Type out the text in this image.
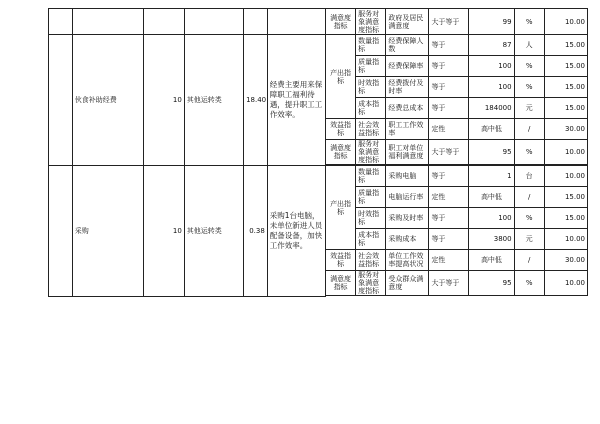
						满意度指标	服务对象满意度指标	政府及居民满意度	大于等于	99	%	10.00
	伙食补助经费	10	其他运转类	18.40	经费主要用来保障职工福利待遇，提升职工工作效率。	产出指标	数量指标	经费保障人数	等于	87	人	15.00
							质量指标	经费保障率	等于	100	%	15.00
							时效指标	经费拨付及时率	等于	100	%	15.00
							成本指标	经费总成本	等于	184000	元	15.00
						效益指标	社会效益指标	职工工作效率	定性	高中低	/	30.00
						满意度指标	服务对象满意度指标	职工对单位福利满意度	大于等于	95	%	10.00

	采购	10	其他运转类	0.38	采购1台电脑，未单位新进人员配备设备，加快工作效率。	产出指标	数量指标	采购电脑	等于	1	台	10.00
							质量指标	电脑运行率	定性	高中低	/	15.00
							时效指标	采购及时率	等于	100	%	15.00
							成本指标	采购成本	等于	3800	元	10.00
						效益指标	社会效益指标	单位工作效率提高状况	定性	高中低	/	30.00
						满意度指标	服务对象满意度指标	受众群众满意度	大于等于	95	%	10.00
